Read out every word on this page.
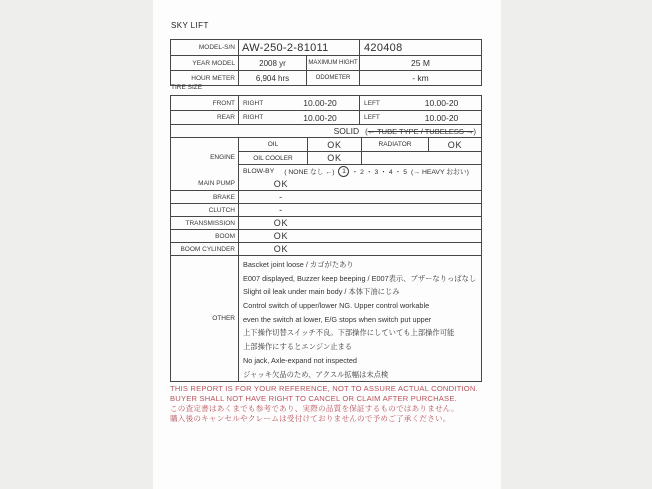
SKY LIFT
MODEL-S/N AW-250-2-81011	420408
YEAR MODEL	2008 yr	MAXIMUM HIGHT	25 M
HOUR METER	6,904 hrs	ODOMETER	- km
TIRE SIZE
FRONT	RIGHT	10.00-20	LEFT	10.00-20
REAR	RIGHT	10.00-20	LEFT	10.00-20
SOLID ( ← TUBE TYPE / TUBELESS → )
ENGINE
OIL	OK	RADIATOR	OK
OIL COOLER	OK
BLOW-BY ( NONE なし ←)	1 ・ 2 ・ 3 ・ 4 ・ 5 (→ HEAVY おおい)
MAIN PUMP	OK
BRAKE	-
CLUTCH	-
TRANSMISSION	OK
BOOM	OK
BOOM CYLINDER	OK
OTHER
Bascket joint loose / カゴがたあり
E007 displayed, Buzzer keep beeping / E007表示、ブザーなりっぱなし
Slight oil leak under main body / 本体下油にじみ
Control switch of upper/lower NG. Upper control workable
even the switch at lower, E/G stops when switch put upper
上下操作切替スイッチ不良。下部操作にしていても上部操作可能
上部操作にするとエンジン止まる
No jack, Axle-expand not inspected
ジャッキ欠品のため、アクスル拡幅は未点検
THIS REPORT IS FOR YOUR REFERENCE, NOT TO ASSURE ACTUAL CONDITION.
BUYER SHALL NOT HAVE RIGHT TO CANCEL OR CLAIM AFTER PURCHASE.
この査定書はあくまでも参考であり、実際の品質を保証するものではありません。
購入後のキャンセルやクレームは受付けておりませんので予めご了承ください。
